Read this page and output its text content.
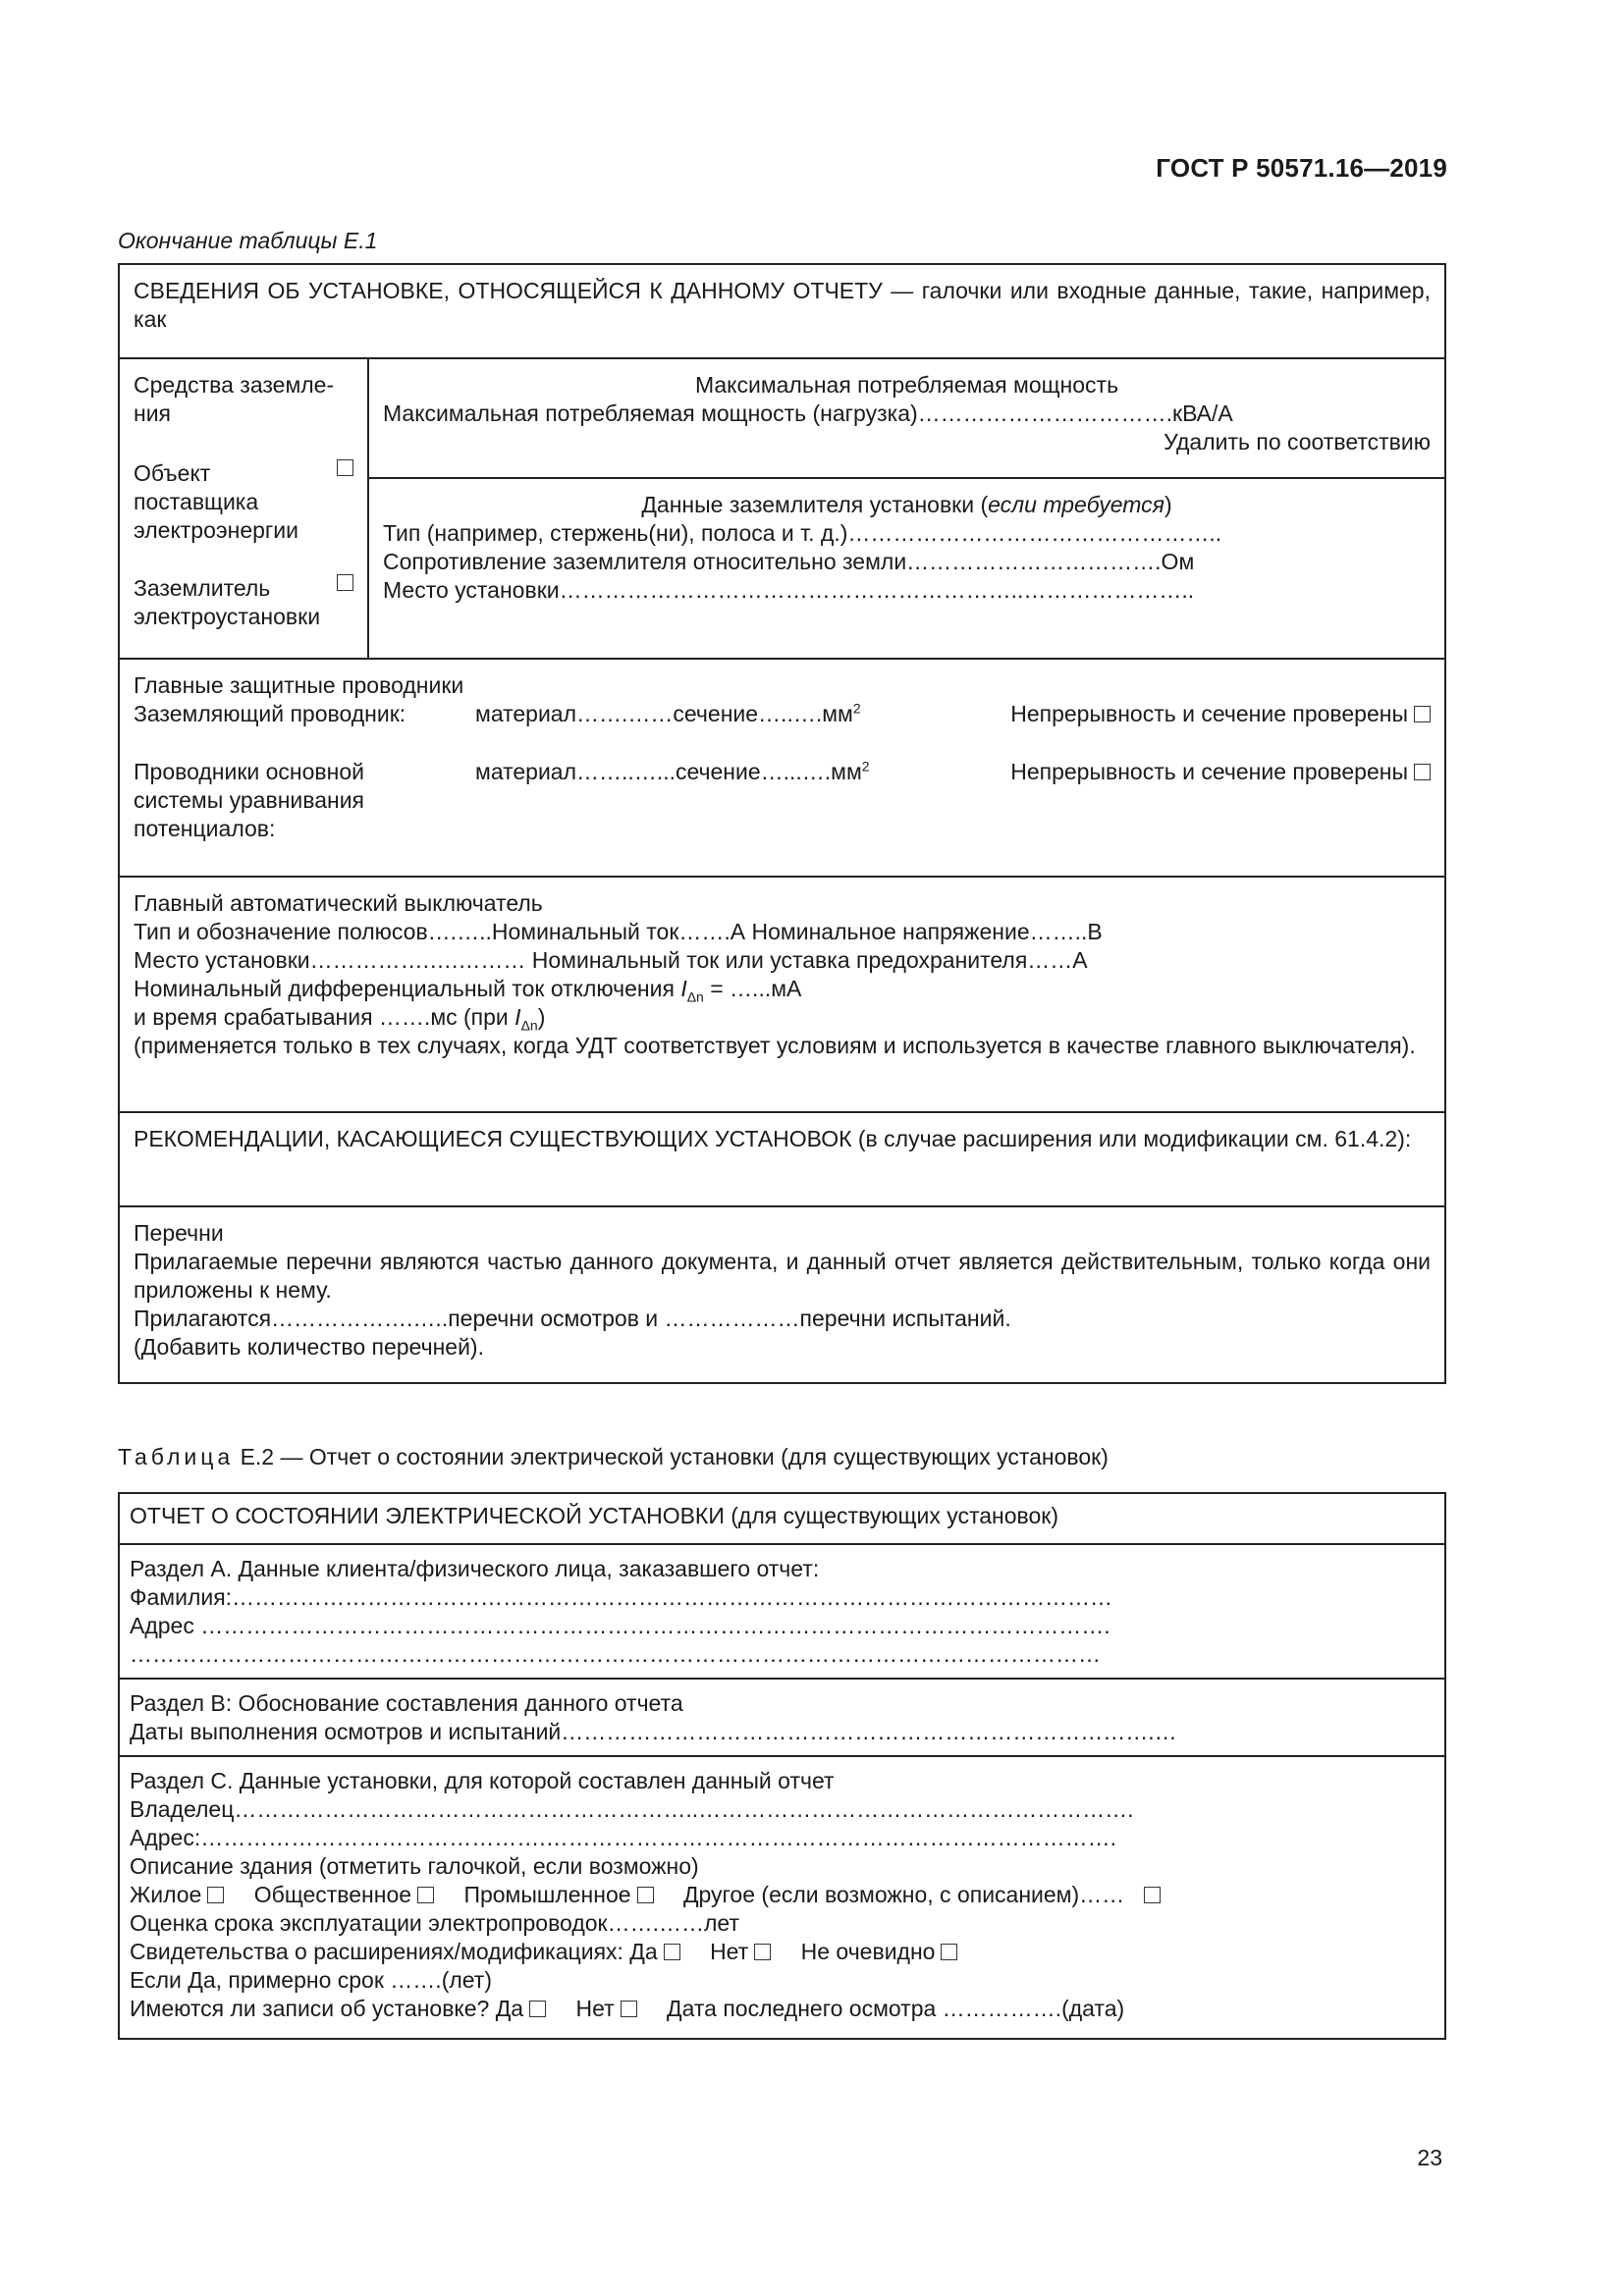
ГОСТ Р 50571.16—2019
Окончание таблицы Е.1
СВЕДЕНИЯ ОБ УСТАНОВКЕ, ОТНОСЯЩЕЙСЯ К ДАННОМУ ОТЧЕТУ — галочки или входные данные, такие, например, как
Средства заземле-
ния
Объект
поставщика
электроэнергии
Заземлитель
электроустановки
Максимальная потребляемая мощность
Максимальная потребляемая мощность (нагрузка)…………………………….кВА/А
Удалить по соответствию
Данные заземлителя установки (если требуется)
Тип (например, стержень(ни), полоса и т. д.)…………………………………………..
Сопротивление заземлителя относительно земли…………………………….Ом
Место установки……………………………………………………..…………………..
Главные защитные проводники
Заземляющий проводник:	$материал\dots\dots.\dots\dots сечение\dots..\dots.мм^2$	Непрерывность и сечение проверены
Проводники основной
системы уравнивания
потенциалов:
$материал\dots\dots..\dots...сечение\dots...\dots.мм^2$	Непрерывность и сечение проверены
Главный автоматический выключатель
Тип и обозначение полюсов….…..Номинальный ток…….А Номинальное напряжение……..В
Место установки…………….….……… Номинальный ток или уставка предохранителя……А
Номинальный дифференциальный ток отключения $I_{\Delta n}$ = …...мА
и время срабатывания …….мс (при $I_{\Delta n}$)
(применяется только в тех случаях, когда УДТ соответствует условиям и используется в качестве главного выключателя).
РЕКОМЕНДАЦИИ, КАСАЮЩИЕСЯ СУЩЕСТВУЮЩИХ УСТАНОВОК (в случае расширения или модификации см. 61.4.2):
Перечни
Прилагаемые перечни являются частью данного документа, и данный отчет является действительным, только когда они приложены к нему.
Прилагаются……………….…..перечни осмотров и ………………перечни испытаний.
(Добавить количество перечней).
Таблица Е.2 — Отчет о состоянии электрической установки (для существующих установок)
ОТЧЕТ О СОСТОЯНИИ ЭЛЕКТРИЧЕСКОЙ УСТАНОВКИ (для существующих установок)
Раздел А. Данные клиента/физического лица, заказавшего отчет:
Фамилия:………………………………………………………………………………………………………
Адрес ………………………………………………………………………………………………………….
…………………………………………………………………………………………………………………
Раздел В: Обоснование составления данного отчета
Даты выполнения осмотров и испытаний…………………………………………………………………….…
Раздел С. Данные установки, для которой составлен данный отчет
Владелец……………………………………………………..………………………………………………….
Адрес:……………………………………….………………………………………………………………….
Описание здания (отметить галочкой, если возможно)
Жилое Общественное Промышленное Другое (если возможно, с описанием)……
Оценка срока эксплуатации электропроводок…….……лет
Свидетельства о расширениях/модификациях: Да Нет Не очевидно
Если Да, примерно срок …….(лет)
Имеются ли записи об установке? Да Нет Дата последнего осмотра …………….(дата)
23
